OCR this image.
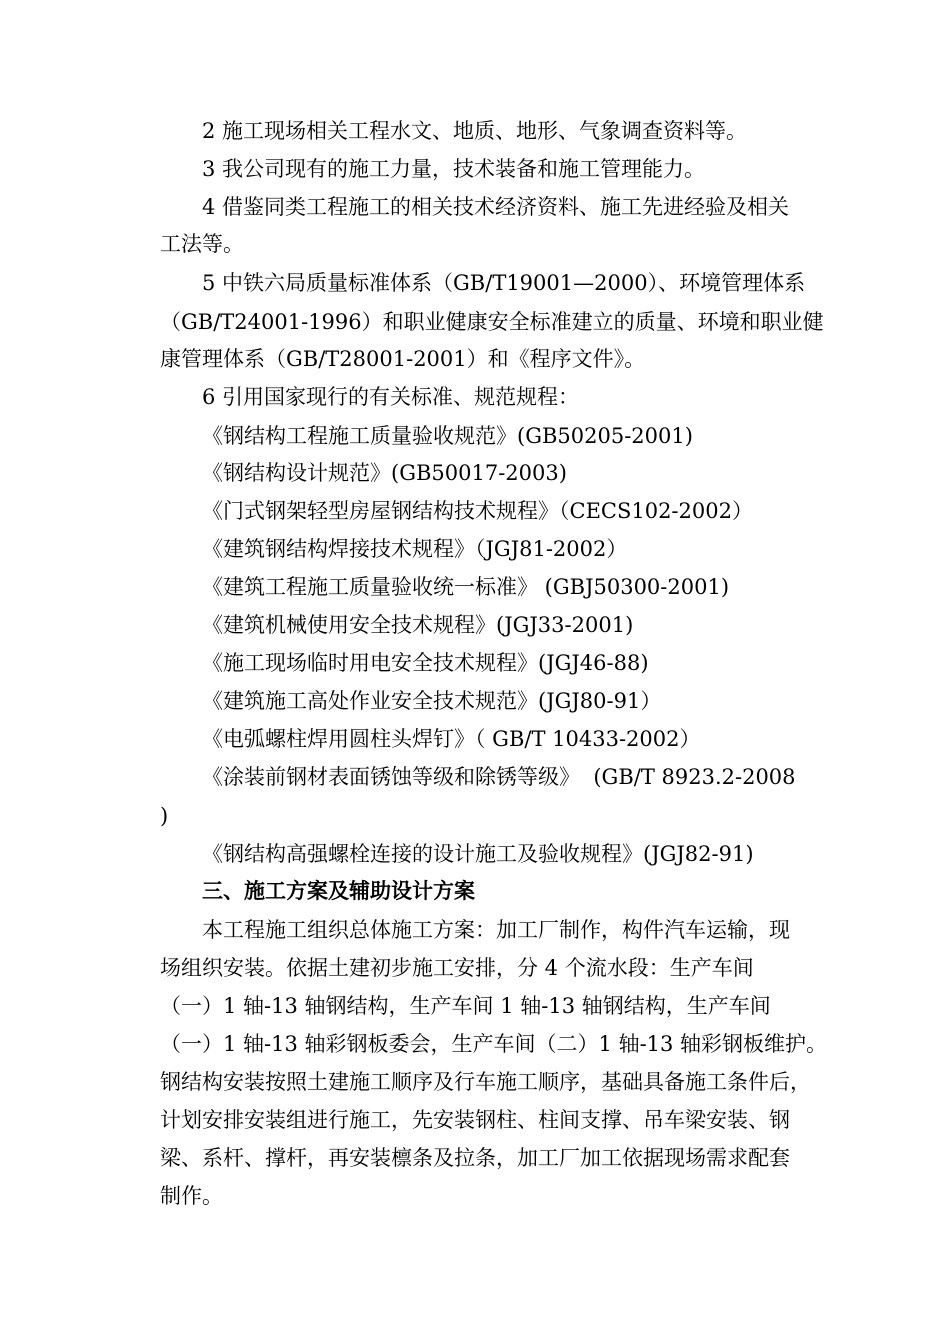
2 施工现场相关工程水文、地质、地形、气象调查资料等。
3 我公司现有的施工力量，技术装备和施工管理能力。
4 借鉴同类工程施工的相关技术经济资料、施工先进经验及相关
工法等。
5 中铁六局质量标准体系（GB/T19001—2000）、环境管理体系
（GB/T24001-1996）和职业健康安全标准建立的质量、环境和职业健
康管理体系（GB/T28001-2001）和《程序文件》。
6 引用国家现行的有关标准、规范规程：
《钢结构工程施工质量验收规范》(GB50205-2001)
《钢结构设计规范》(GB50017-2003)
《门式钢架轻型房屋钢结构技术规程》（CECS102-2002）
《建筑钢结构焊接技术规程》（JGJ81-2002）
《建筑工程施工质量验收统一标准》 (GBJ50300-2001)
《建筑机械使用安全技术规程》(JGJ33-2001)
《施工现场临时用电安全技术规程》(JGJ46-88)
《建筑施工高处作业安全技术规范》(JGJ80-91）
《电弧螺柱焊用圆柱头焊钉》（ GB/T 10433-2002）
《涂装前钢材表面锈蚀等级和除锈等级》  (GB/T 8923.2-2008
)
《钢结构高强螺栓连接的设计施工及验收规程》(JGJ82-91)
三、施工方案及辅助设计方案
本工程施工组织总体施工方案：加工厂制作，构件汽车运输，现
场组织安装。依据土建初步施工安排，分 4 个流水段：生产车间
（一）1 轴-13 轴钢结构，生产车间 1 轴-13 轴钢结构，生产车间
（一）1 轴-13 轴彩钢板委会，生产车间（二）1 轴-13 轴彩钢板维护。
钢结构安装按照土建施工顺序及行车施工顺序，基础具备施工条件后，
计划安排安装组进行施工，先安装钢柱、柱间支撑、吊车梁安装、钢
梁、系杆、撑杆，再安装檩条及拉条，加工厂加工依据现场需求配套
制作。
